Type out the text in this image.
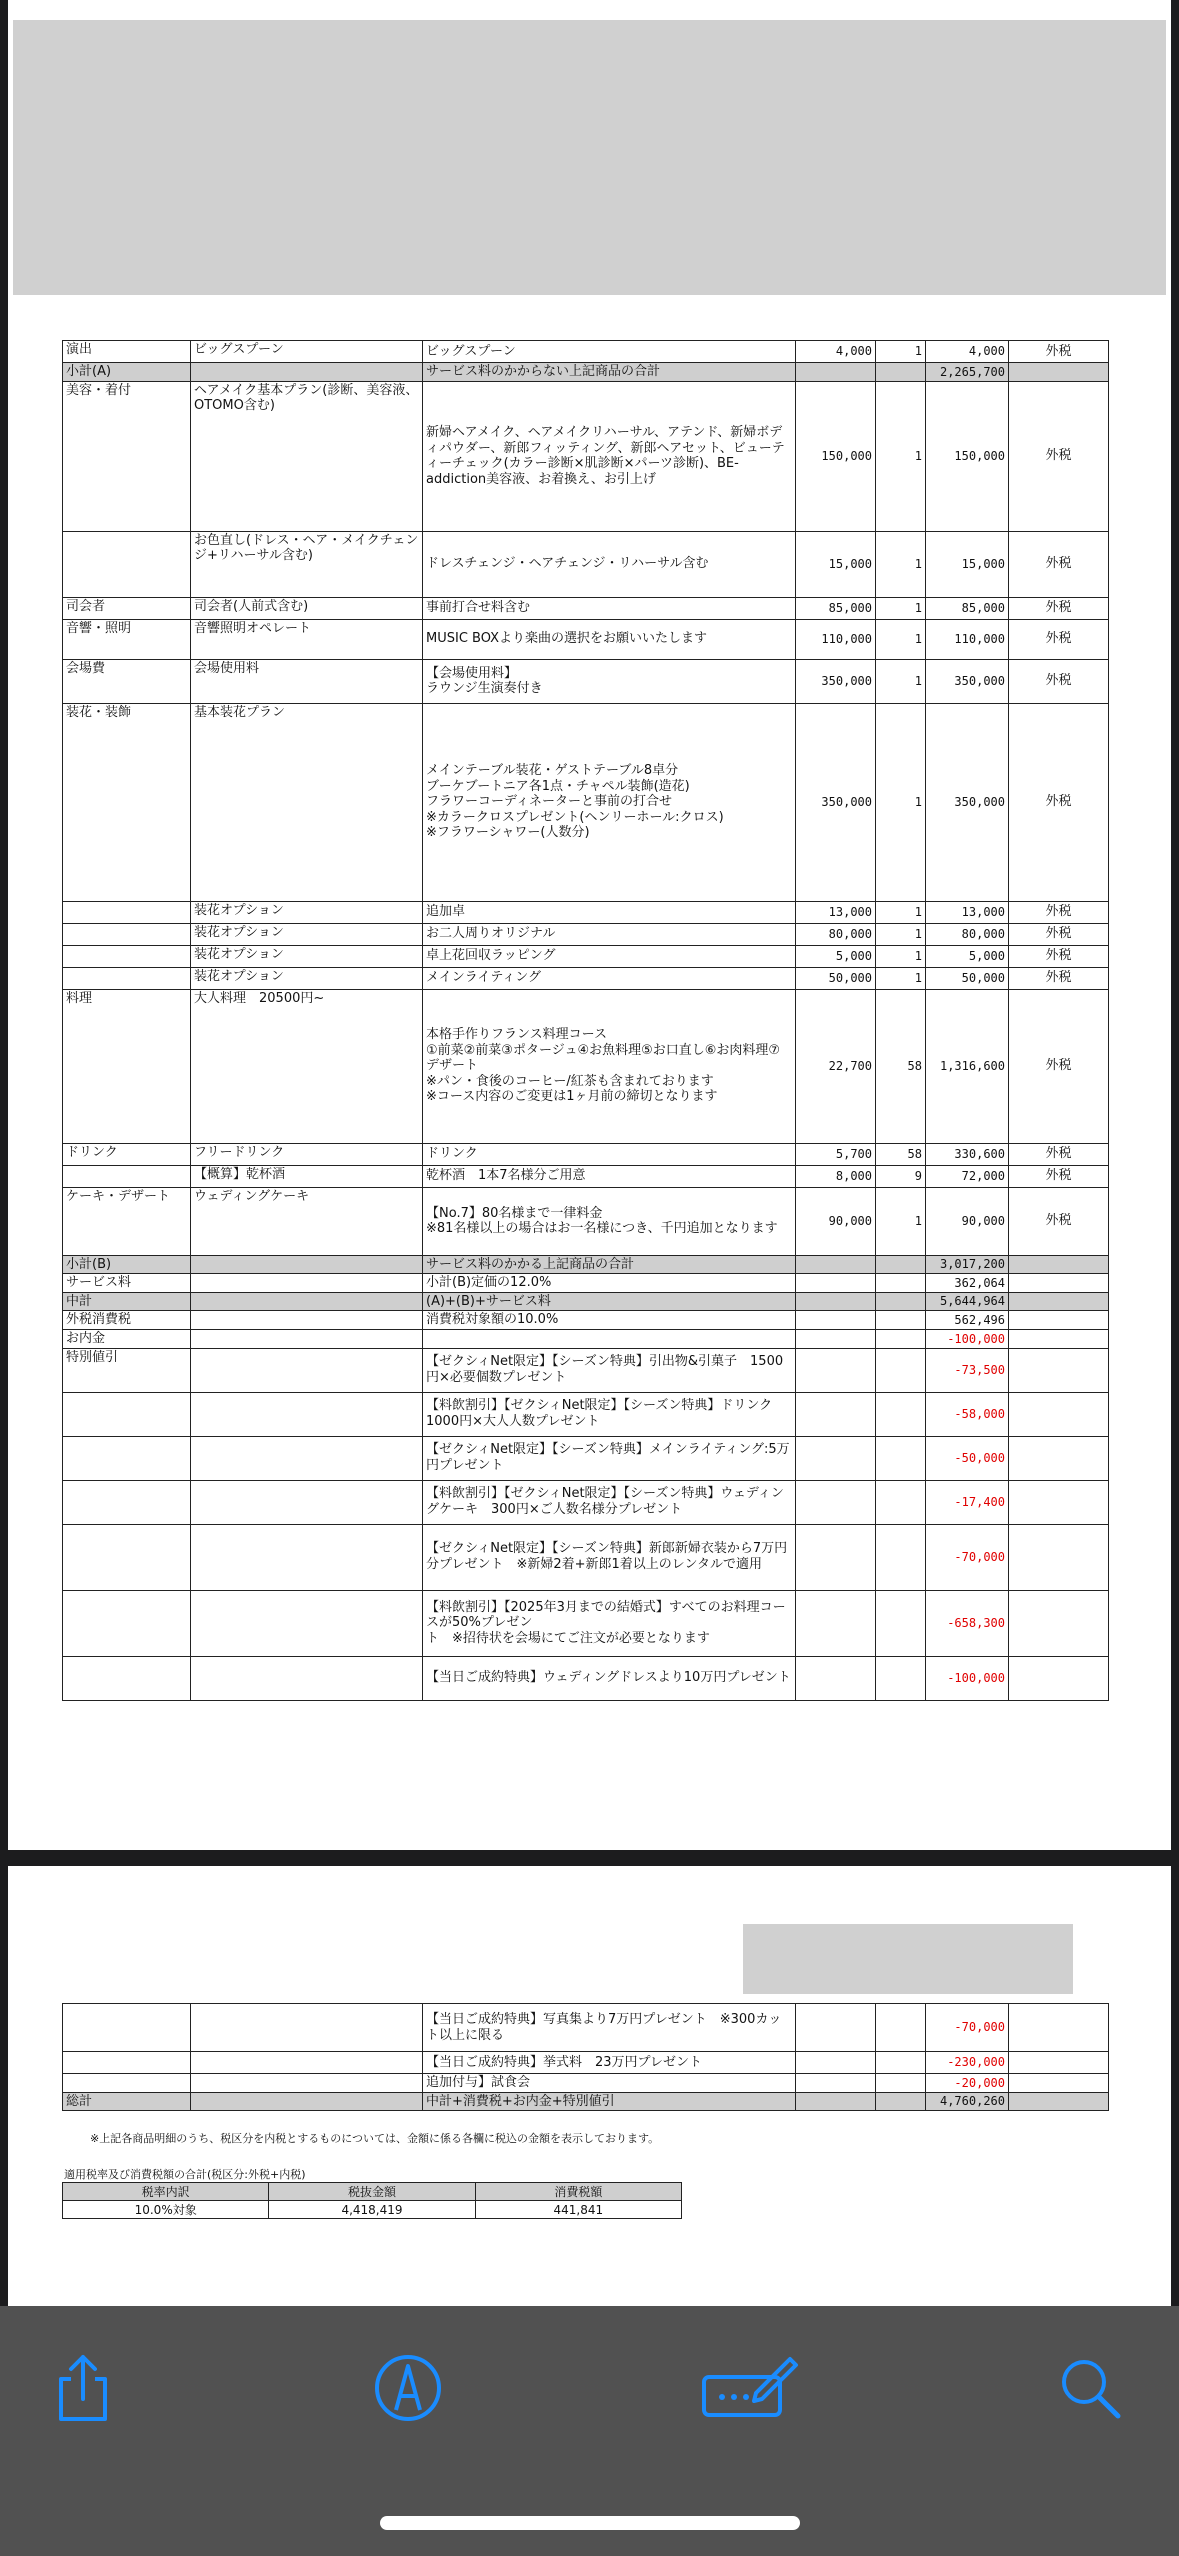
演出	ビッグスプーン	ビッグスプーン	4,000	1	4,000	外税
小計(A)		サービス料のかからない上記商品の合計			2,265,700	
美容・着付	ヘアメイク基本プラン(診断、美容液、OTOMO含む)	新婦ヘアメイク、ヘアメイクリハーサル、アテンド、新婦ボディパウダー、新郎フィッティング、新郎ヘアセット、ビューティーチェック(カラー診断×肌診断×パーツ診断)、BE-addiction美容液、お着換え、お引上げ	150,000	1	150,000	外税
	お色直し(ドレス・ヘア・メイクチェンジ+リハーサル含む)	ドレスチェンジ・ヘアチェンジ・リハーサル含む	15,000	1	15,000	外税
司会者	司会者(人前式含む)	事前打合せ料含む	85,000	1	85,000	外税
音響・照明	音響照明オペレート	MUSIC BOXより楽曲の選択をお願いいたします	110,000	1	110,000	外税
会場費	会場使用料	【会場使用料】
ラウンジ生演奏付き	350,000	1	350,000	外税
装花・装飾	基本装花プラン	メインテーブル装花・ゲストテーブル8卓分
ブーケブートニア各1点・チャペル装飾(造花)
フラワーコーディネーターと事前の打合せ
※カラークロスプレゼント(ヘンリーホール:クロス)
※フラワーシャワー(人数分)	350,000	1	350,000	外税
	装花オプション	追加卓	13,000	1	13,000	外税
	装花オプション	お二人周りオリジナル	80,000	1	80,000	外税
	装花オプション	卓上花回収ラッピング	5,000	1	5,000	外税
	装花オプション	メインライティング	50,000	1	50,000	外税
料理	大人料理　20500円~	本格手作りフランス料理コース
①前菜②前菜③ポタージュ④お魚料理⑤お口直し⑥お肉料理⑦デザート
※パン・食後のコーヒー/紅茶も含まれております
※コース内容のご変更は1ヶ月前の締切となります	22,700	58	1,316,600	外税
ドリンク	フリードリンク	ドリンク	5,700	58	330,600	外税
	【概算】乾杯酒	乾杯酒　1本7名様分ご用意	8,000	9	72,000	外税
ケーキ・デザート	ウェディングケーキ	【No.7】80名様まで一律料金
※81名様以上の場合はお一名様につき、千円追加となります	90,000	1	90,000	外税
小計(B)		サービス料のかかる上記商品の合計			3,017,200	
サービス料		小計(B)定価の12.0%			362,064	
中計		(A)+(B)+サービス料			5,644,964	
外税消費税		消費税対象額の10.0%			562,496	
お内金					-100,000	
特別値引		【ゼクシィNet限定】【シーズン特典】引出物&引菓子　1500円×必要個数プレゼント			-73,500	
		【料飲割引】【ゼクシィNet限定】【シーズン特典】ドリンク1000円×大人人数プレゼント			-58,000	
		【ゼクシィNet限定】【シーズン特典】メインライティング:5万円プレゼント			-50,000	
		【料飲割引】【ゼクシィNet限定】【シーズン特典】ウェディングケーキ　300円×ご人数名様分プレゼント			-17,400	
		【ゼクシィNet限定】【シーズン特典】新郎新婦衣装から7万円分プレゼント　※新婦2着+新郎1着以上のレンタルで適用			-70,000	
		【料飲割引】【2025年3月までの結婚式】すべてのお料理コースが50%プレゼン
ト　※招待状を会場にてご注文が必要となります			-658,300	
		【当日ご成約特典】ウェディングドレスより10万円プレゼント			-100,000	
		【当日ご成約特典】写真集より7万円プレゼント　※300カット以上に限る			-70,000	
		【当日ご成約特典】挙式料　23万円プレゼント			-230,000	
		追加付与】試食会			-20,000	
総計		中計+消費税+お内金+特別値引			4,760,260	
※上記各商品明細のうち、税区分を内税とするものについては、金額に係る各欄に税込の金額を表示しております。
適用税率及び消費税額の合計(税区分:外税+内税)
税率内訳	税抜金額	消費税額
10.0%対象	4,418,419	441,841
